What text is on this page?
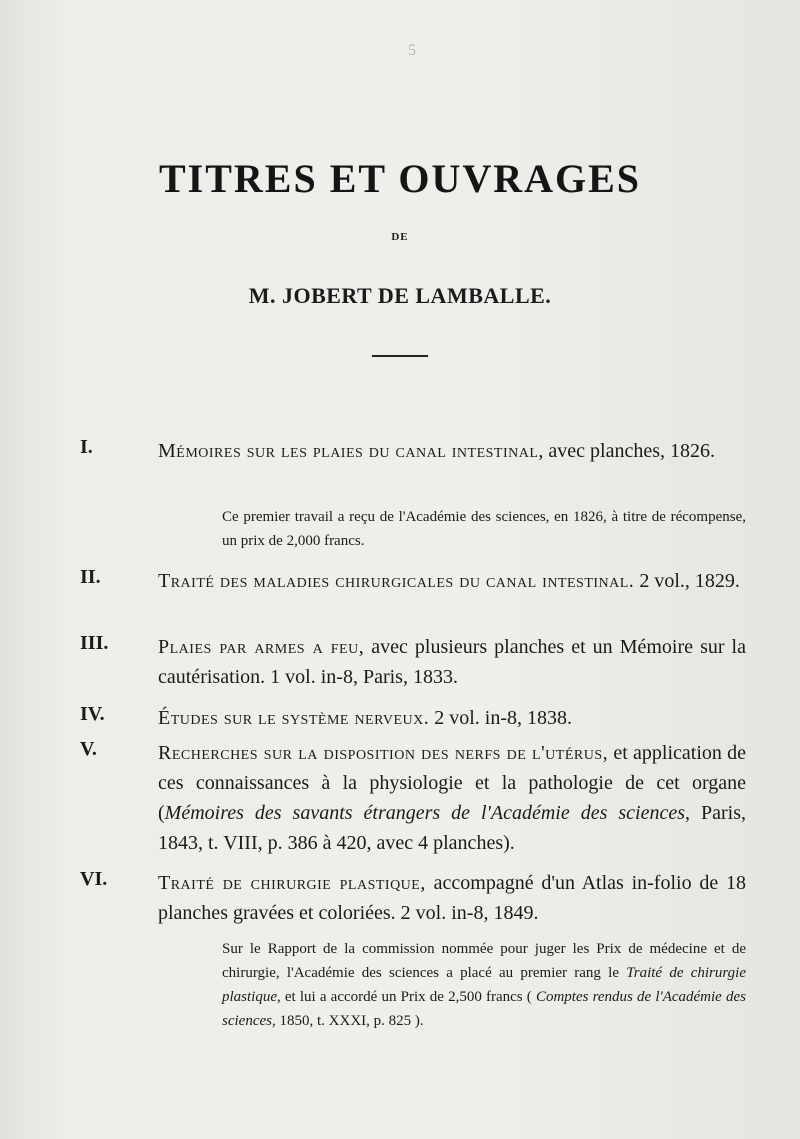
5
TITRES ET OUVRAGES
DE
M. JOBERT DE LAMBALLE.
I.	Mémoires sur les plaies du canal intestinal, avec planches, 1826.
Ce premier travail a reçu de l'Académie des sciences, en 1826, à titre de récompense, un prix de 2,000 francs.
II.	Traité des maladies chirurgicales du canal intestinal. 2 vol., 1829.
III. Plaies par armes a feu, avec plusieurs planches et un Mémoire sur la cautérisation. 1 vol. in-8, Paris, 1833.
IV.	Études sur le système nerveux. 2 vol. in-8, 1838.
V.	Recherches sur la disposition des nerfs de l'utérus, et application de ces connaissances à la physiologie et la pathologie de cet organe (Mémoires des savants étrangers de l'Académie des sciences, Paris, 1843, t. VIII, p. 386 à 420, avec 4 planches).
VI.	Traité de chirurgie plastique, accompagné d'un Atlas in-folio de 18 planches gravées et coloriées. 2 vol. in-8, 1849.
Sur le Rapport de la commission nommée pour juger les Prix de médecine et de chirurgie, l'Académie des sciences a placé au premier rang le Traité de chirurgie plastique, et lui a accordé un Prix de 2,500 francs ( Comptes rendus de l'Académie des sciences, 1850, t. XXXI, p. 825 ).
